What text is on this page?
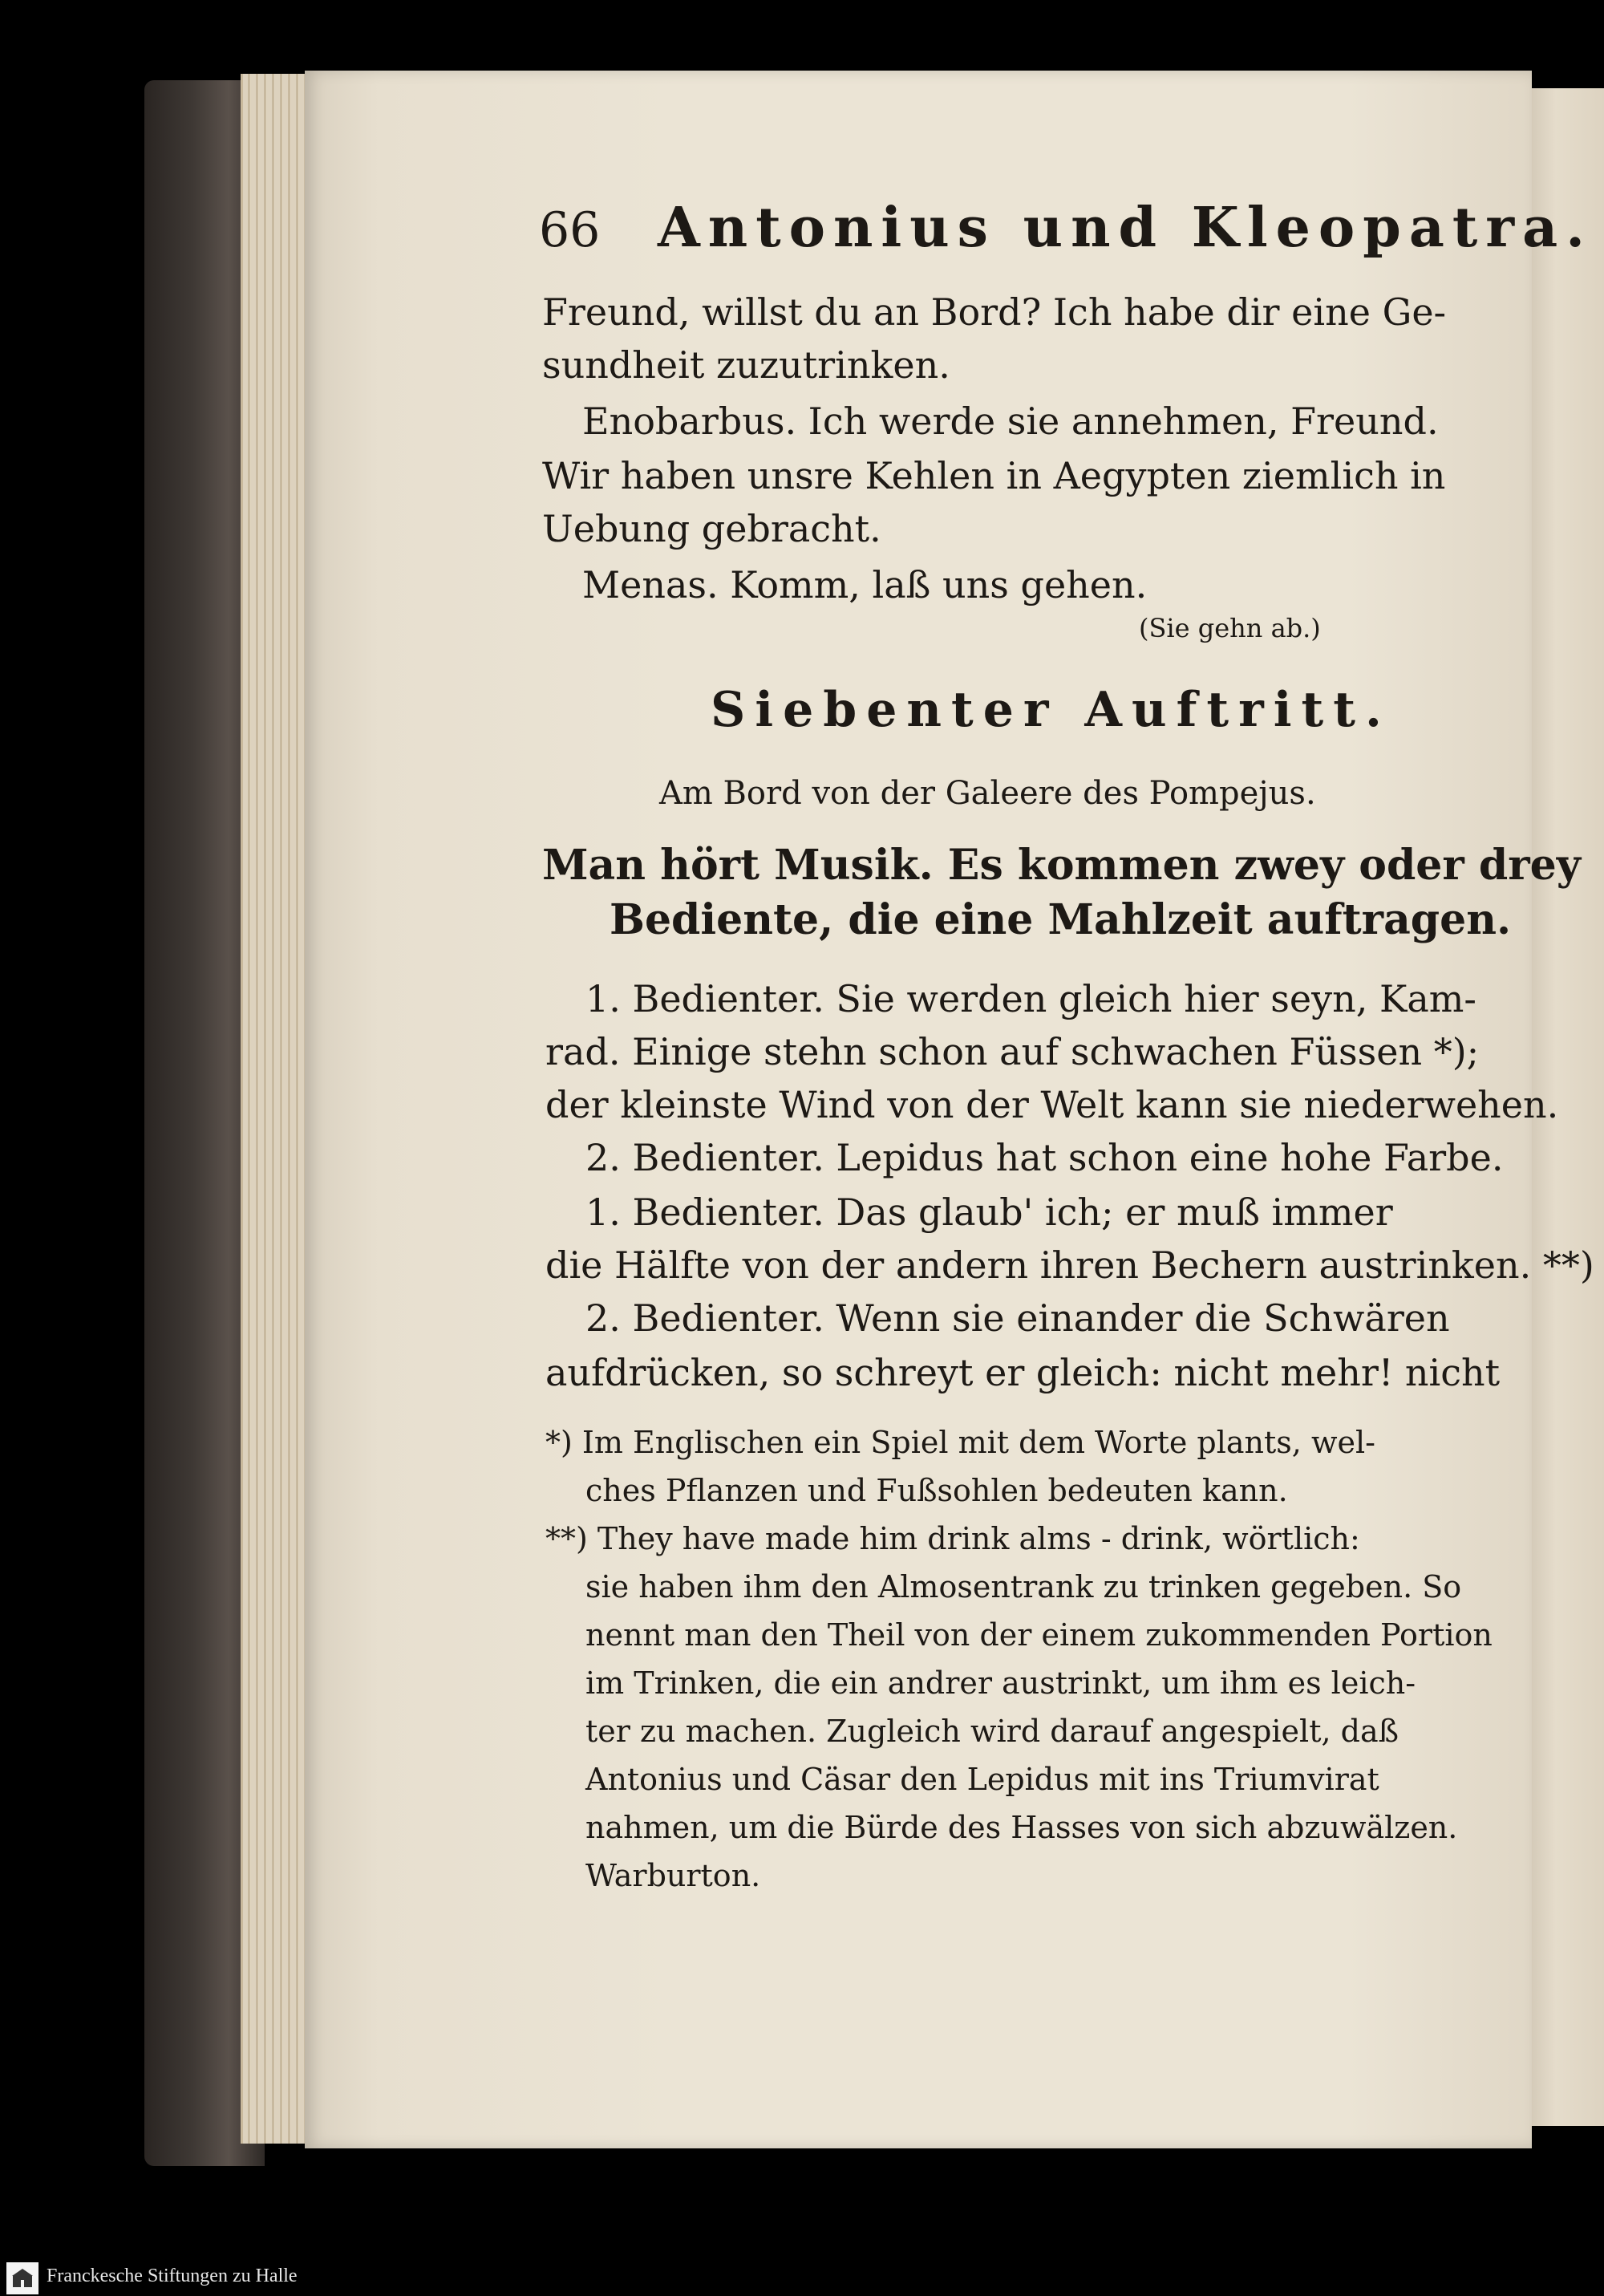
66 Antonius und Kleopatra.
Freund, willst du an Bord? Ich habe dir eine Ge-
sundheit zuzutrinken.
Enobarbus. Ich werde sie annehmen, Freund.
Wir haben unsre Kehlen in Aegypten ziemlich in
Uebung gebracht.
Menas. Komm, laß uns gehen.
(Sie gehn ab.)
Siebenter Auftritt.
Am Bord von der Galeere des Pompejus.
Man hört Musik. Es kommen zwey oder drey
Bediente, die eine Mahlzeit auftragen.
1. Bedienter. Sie werden gleich hier seyn, Kam-
rad. Einige stehn schon auf schwachen Füssen *);
der kleinste Wind von der Welt kann sie niederwehen.
2. Bedienter. Lepidus hat schon eine hohe Farbe.
1. Bedienter. Das glaub' ich; er muß immer
die Hälfte von der andern ihren Bechern austrinken. **)
2. Bedienter. Wenn sie einander die Schwären
aufdrücken, so schreyt er gleich: nicht mehr! nicht
*) Im Englischen ein Spiel mit dem Worte plants, wel-
ches Pflanzen und Fußsohlen bedeuten kann.
**) They have made him drink alms - drink, wörtlich:
sie haben ihm den Almosentrank zu trinken gegeben. So
nennt man den Theil von der einem zukommenden Portion
im Trinken, die ein andrer austrinkt, um ihm es leich-
ter zu machen. Zugleich wird darauf angespielt, daß
Antonius und Cäsar den Lepidus mit ins Triumvirat
nahmen, um die Bürde des Hasses von sich abzuwälzen.
Warburton.
Franckesche Stiftungen zu Halle
